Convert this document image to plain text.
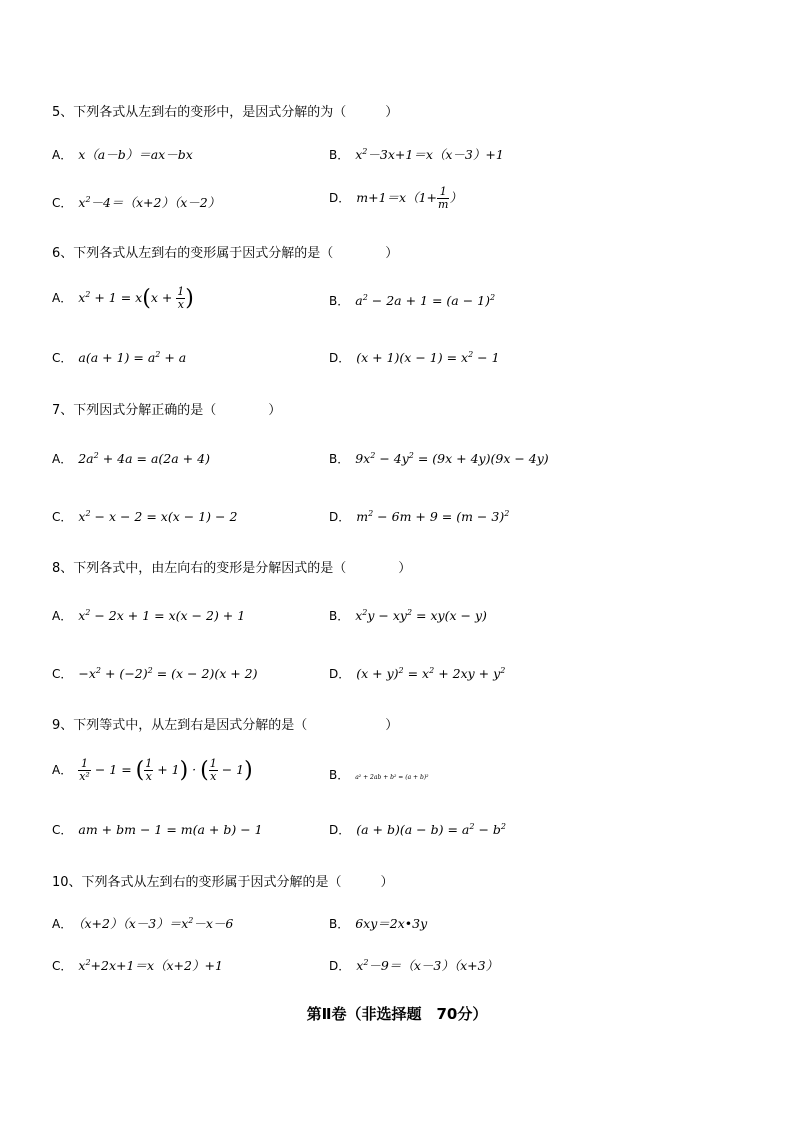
5、下列各式从左到右的变形中，是因式分解的为（　　　）
A． x（a－b）＝ax－bx	B． $x^2-3x+1=x(x-3)+1$
C． $x^2-4=(x+2)(x-2)$	D． $m+1=x(1+ \frac{1}{m}$ ）
6、下列各式从左到右的变形属于因式分解的是（　　　　）
A． $x^2 + 1 = x(x + \frac{1}{x}$ )	B． $a^2 - 2a + 1 = (a - 1)^2$
C． $a(a + 1) = a^2 + a$	D． $(x + 1)(x - 1) = x^2 - 1$
7、下列因式分解正确的是（　　　　）
A． $2a^2 + 4a = a(2a + 4)$	B． $9x^2 - 4y^2 = (9x + 4y)(9x - 4y)$
C． $x^2 - x - 2 = x(x - 1) - 2$	D． $m^2 - 6m + 9 = (m - 3)^2$
8、下列各式中，由左向右的变形是分解因式的是（　　　　）
A． $x^2 - 2x + 1 = x(x - 2) + 1$	B． $x^2y - xy^2 = xy(x - y)$
C． $-x^2 + (-2)^2 = (x - 2)(x + 2)$	D． $(x + y)^2 = x^2 + 2xy + y^2$
9、下列等式中，从左到右是因式分解的是（　　　　　　）
A． $\frac{1}{\text{x²}} - 1$ = ( $\frac{1}{x} + 1$) · ( $\frac{1}{x} - 1$)	B． a² + 2ab + b² = (a + b)²
C． am + bm − 1 = m(a + b) − 1	D． $(a + b)(a - b) = a^2 - b^2$
10、下列各式从左到右的变形属于因式分解的是（　　　）
A． $(x+2)(x-3)=x^2-x-6$	B． 6xy＝2x•3y
C． $x^2+2x+1=x(x+2)+1$	D． $x^2-9=(x-3)(x+3)$
第Ⅱ卷（非选择题　70分）
